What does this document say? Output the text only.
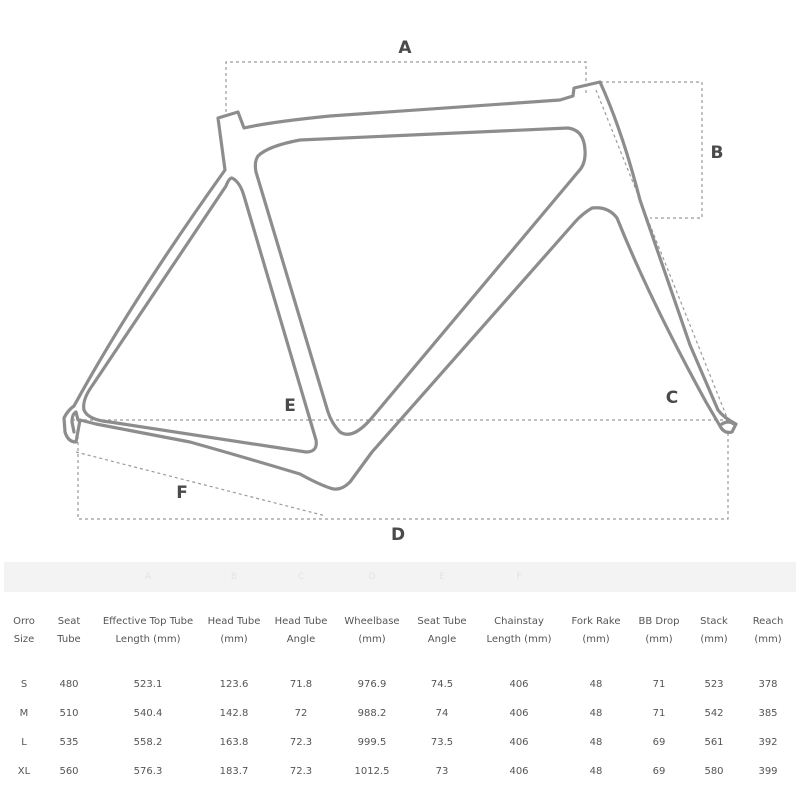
A
B
C
D
E
F
		A	B	C	D	E	F				
Orro Size	Seat Tube	Effective Top Tube Length (mm)	Head Tube (mm)	Head Tube Angle	Wheelbase (mm)	Seat Tube Angle	Chainstay Length (mm)	Fork Rake (mm)	BB Drop (mm)	Stack (mm)	Reach (mm)
S	480	523.1	123.6	71.8	976.9	74.5	406	48	71	523	378
M	510	540.4	142.8	72	988.2	74	406	48	71	542	385
L	535	558.2	163.8	72.3	999.5	73.5	406	48	69	561	392
XL	560	576.3	183.7	72.3	1012.5	73	406	48	69	580	399
